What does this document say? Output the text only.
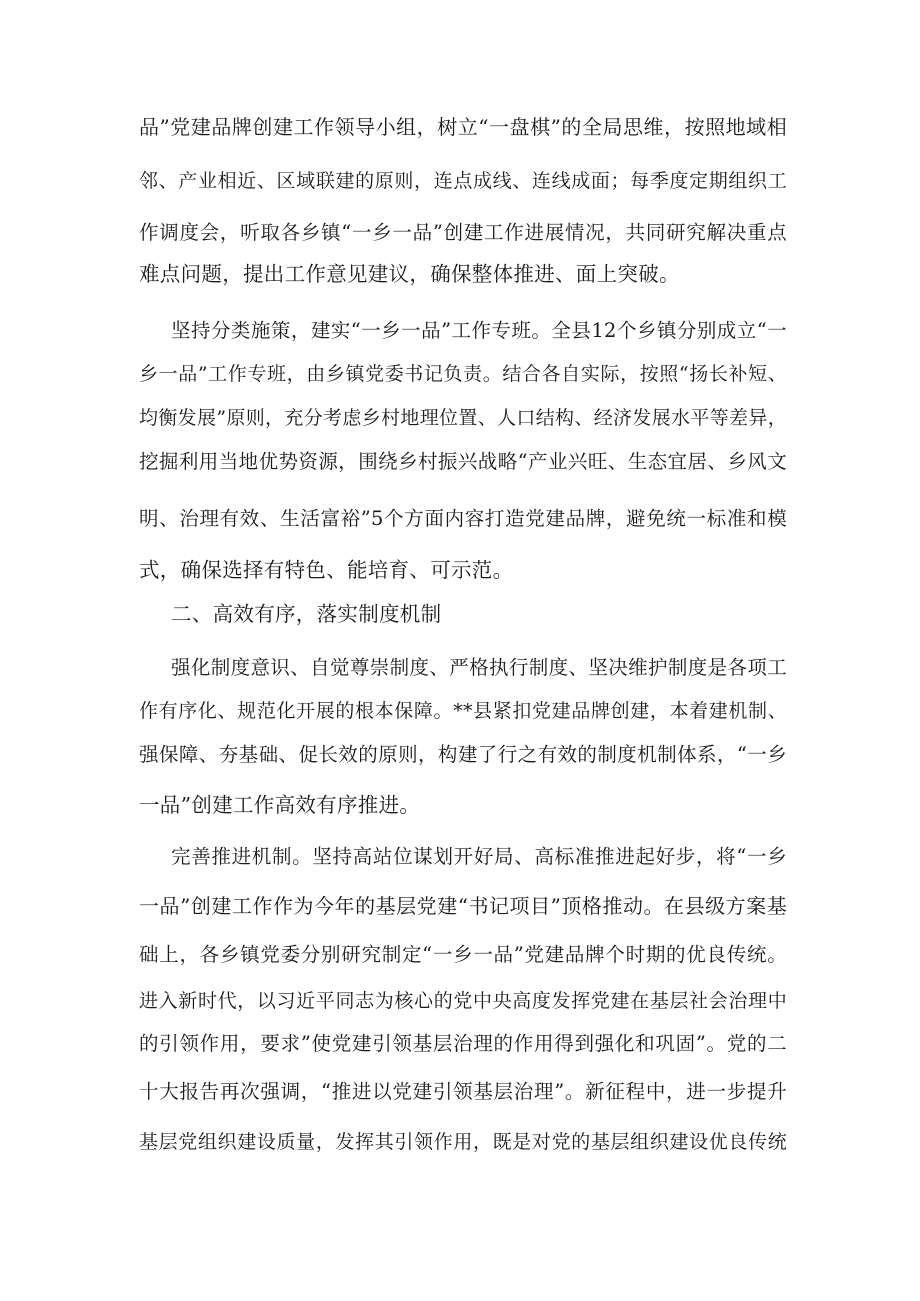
品”党建品牌创建工作领导小组，树立“一盘棋”的全局思维，按照地域相
邻、产业相近、区域联建的原则，连点成线、连线成面；每季度定期组织工
作调度会，听取各乡镇“一乡一品”创建工作进展情况，共同研究解决重点
难点问题，提出工作意见建议，确保整体推进、面上突破。
坚持分类施策，建实“一乡一品”工作专班。全县12个乡镇分别成立“一
乡一品”工作专班，由乡镇党委书记负责。结合各自实际，按照“扬长补短、
均衡发展”原则，充分考虑乡村地理位置、人口结构、经济发展水平等差异，
挖掘利用当地优势资源，围绕乡村振兴战略“产业兴旺、生态宜居、乡风文
明、治理有效、生活富裕”5个方面内容打造党建品牌，避免统一标准和模
式，确保选择有特色、能培育、可示范。
二、高效有序，落实制度机制
强化制度意识、自觉尊崇制度、严格执行制度、坚决维护制度是各项工
作有序化、规范化开展的根本保障。**县紧扣党建品牌创建，本着建机制、
强保障、夯基础、促长效的原则，构建了行之有效的制度机制体系，“一乡
一品”创建工作高效有序推进。
完善推进机制。坚持高站位谋划开好局、高标准推进起好步，将“一乡
一品”创建工作作为今年的基层党建“书记项目”顶格推动。在县级方案基
础上，各乡镇党委分别研究制定“一乡一品”党建品牌个时期的优良传统。
进入新时代，以习近平同志为核心的党中央高度发挥党建在基层社会治理中
的引领作用，要求”使党建引领基层治理的作用得到强化和巩固”。党的二
十大报告再次强调，“推进以党建引领基层治理”。新征程中，进一步提升
基层党组织建设质量，发挥其引领作用，既是对党的基层组织建设优良传统
